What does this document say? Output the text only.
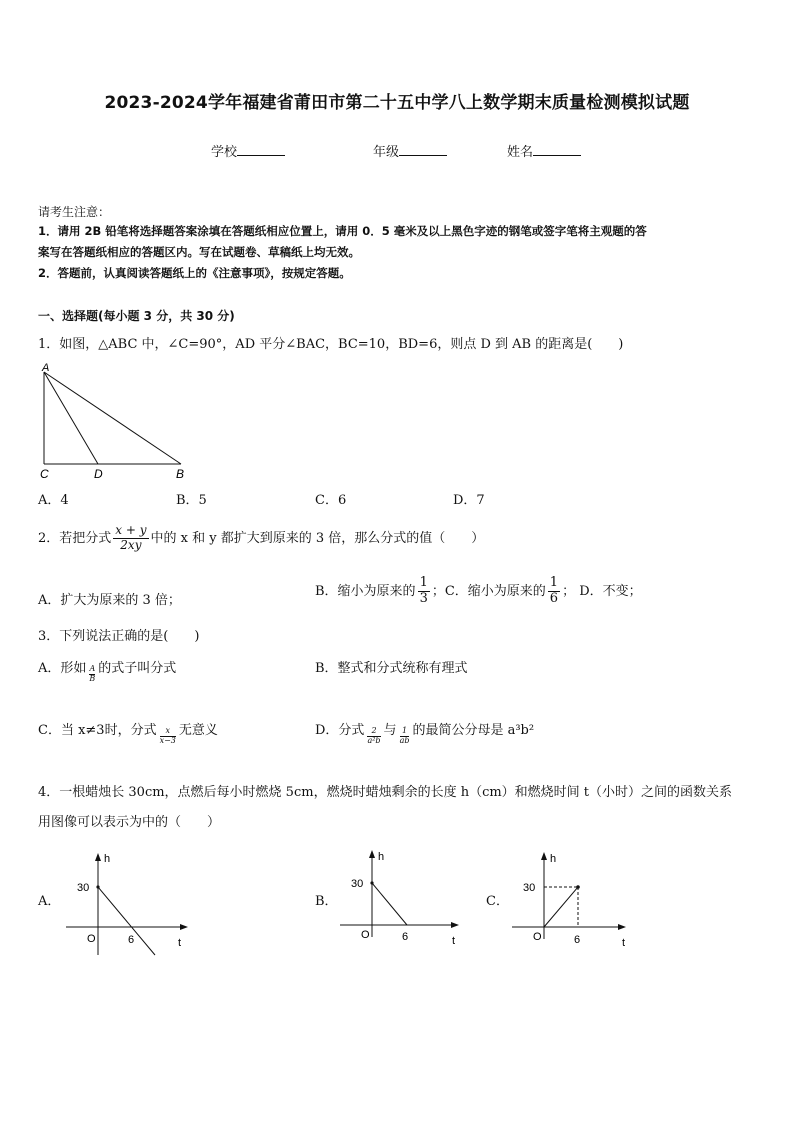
2023-2024学年福建省莆田市第二十五中学八上数学期末质量检测模拟试题
学校	年级	姓名
请考生注意：
1．请用 2B 铅笔将选择题答案涂填在答题纸相应位置上，请用 0．5 毫米及以上黑色字迹的钢笔或签字笔将主观题的答
案写在答题纸相应的答题区内。写在试题卷、草稿纸上均无效。
2．答题前，认真阅读答题纸上的《注意事项》，按规定答题。
一、选择题(每小题 3 分，共 30 分)
1．如图，△ABC 中，∠C=90°，AD 平分∠BAC，BC=10，BD=6，则点 D 到 AB 的距离是(　　)
A
C	D	B
A．4	B．5	C．6	D．7
2．若把分式 $\frac{x + y}{2xy}$ 中的 x 和 y 都扩大到原来的 3 倍，那么分式的值（　　）
A．扩大为原来的 3 倍；
B．缩小为原来的 $\frac{1}{3}$ ；C．缩小为原来的 $\frac{1}{6}$ ； D．不变；
3．下列说法正确的是(　　)
A．形如 $\frac{A}{B}$ 的式子叫分式	B．整式和分式统称有理式
C．当 x≠3时，分式 $\frac{x}{x-3}$ 无意义	D．分式 $\frac{2}{\text{a²b}}$ 与 $\frac{1}{ab}$ 的最简公分母是 a³b²
4．一根蜡烛长 30cm，点燃后每小时燃烧 5cm，燃烧时蜡烛剩余的长度 h（cm）和燃烧时间 t（小时）之间的函数关系
用图像可以表示为中的（　　）
A．
h
t
O
30
6
B．
h
t
O
30
6
C．
h
t
O
30
6
